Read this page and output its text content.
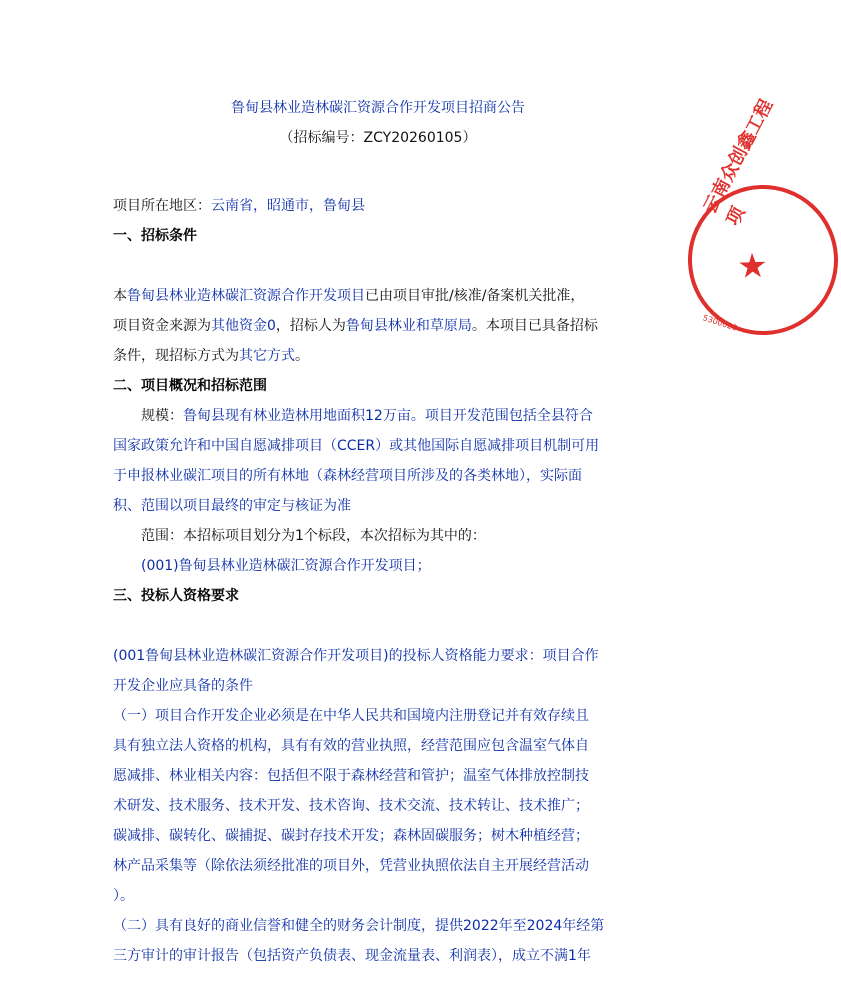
鲁甸县林业造林碳汇资源合作开发项目招商公告
（招标编号：ZCY20260105）
项目所在地区：云南省，昭通市，鲁甸县
一、招标条件
本鲁甸县林业造林碳汇资源合作开发项目已由项目审批/核准/备案机关批准，
项目资金来源为其他资金0，招标人为鲁甸县林业和草原局。本项目已具备招标
条件，现招标方式为其它方式。
二、项目概况和招标范围
规模：鲁甸县现有林业造林用地面积12万亩。项目开发范围包括全县符合
国家政策允许和中国自愿减排项目（CCER）或其他国际自愿减排项目机制可用
于申报林业碳汇项目的所有林地（森林经营项目所涉及的各类林地），实际面
积、范围以项目最终的审定与核证为准
范围：本招标项目划分为1个标段，本次招标为其中的：
(001)鲁甸县林业造林碳汇资源合作开发项目；
三、投标人资格要求
(001鲁甸县林业造林碳汇资源合作开发项目)的投标人资格能力要求：项目合作
开发企业应具备的条件
（一）项目合作开发企业必须是在中华人民共和国境内注册登记并有效存续且
具有独立法人资格的机构，具有有效的营业执照，经营范围应包含温室气体自
愿减排、林业相关内容：包括但不限于森林经营和管护；温室气体排放控制技
术研发、技术服务、技术开发、技术咨询、技术交流、技术转让、技术推广；
碳减排、碳转化、碳捕捉、碳封存技术开发；森林固碳服务；树木种植经营；
林产品采集等（除依法须经批准的项目外，凭营业执照依法自主开展经营活动
）。
（二）具有良好的商业信誉和健全的财务会计制度，提供2022年至2024年经第
三方审计的审计报告（包括资产负债表、现金流量表、利润表），成立不满1年
云南众创鑫工程项
★
5300020
